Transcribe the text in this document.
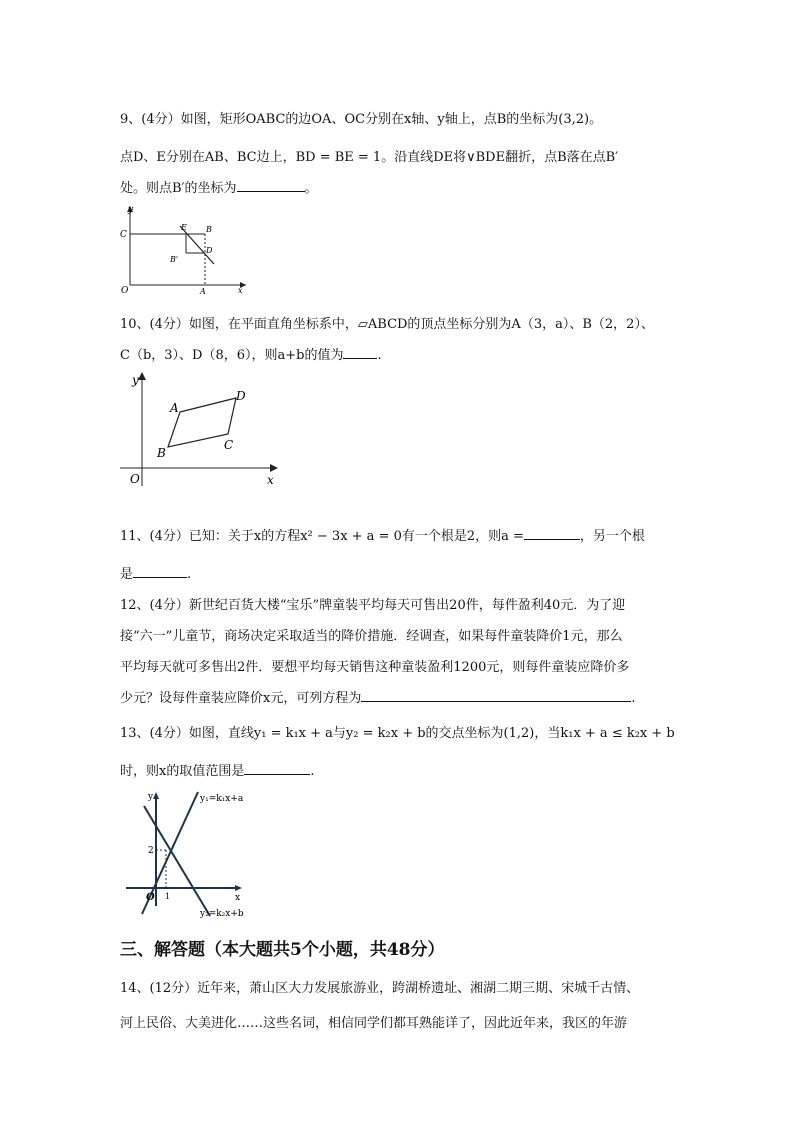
9、(4分）如图，矩形OABC的边OA、OC分别在x轴、y轴上，点B的坐标为(3,2)。
点D、E分别在AB、BC边上，BD = BE = 1。沿直线DE将∨BDE翻折，点B落在点B′
处。则点B′的坐标为	。
y
C
E B
D
B'
O	A	x
10、(4分）如图，在平面直角坐标系中，▱ABCD的顶点坐标分别为A（3，a）、B（2，2）、
C（b，3）、D（8，6），则a+b的值为	.
y
A
D
C
B
O	x
11、(4分）已知：关于x的方程x² − 3x + a = 0有一个根是2，则a =	，另一个根
是	.
12、(4分）新世纪百货大楼“宝乐”牌童装平均每天可售出20件，每件盈利40元．为了迎
接“六一”儿童节，商场决定采取适当的降价措施．经调查，如果每件童装降价1元，那么
平均每天就可多售出2件．要想平均每天销售这种童装盈利1200元，则每件童装应降价多
少元？设每件童装应降价x元，可列方程为	.
13、(4分）如图，直线y₁ = k₁x + a与y₂ = k₂x + b的交点坐标为(1,2)，当k₁x + a ≤ k₂x + b
时，则x的取值范围是	.
y	y₁=k₁x+a
2
O 1	x
y₂=k₂x+b
三、解答题（本大题共5个小题，共48分）
14、(12分）近年来，萧山区大力发展旅游业，跨湖桥遗址、湘湖二期三期、宋城千古情、
河上民俗、大美进化……这些名词，相信同学们都耳熟能详了，因此近年来，我区的年游
